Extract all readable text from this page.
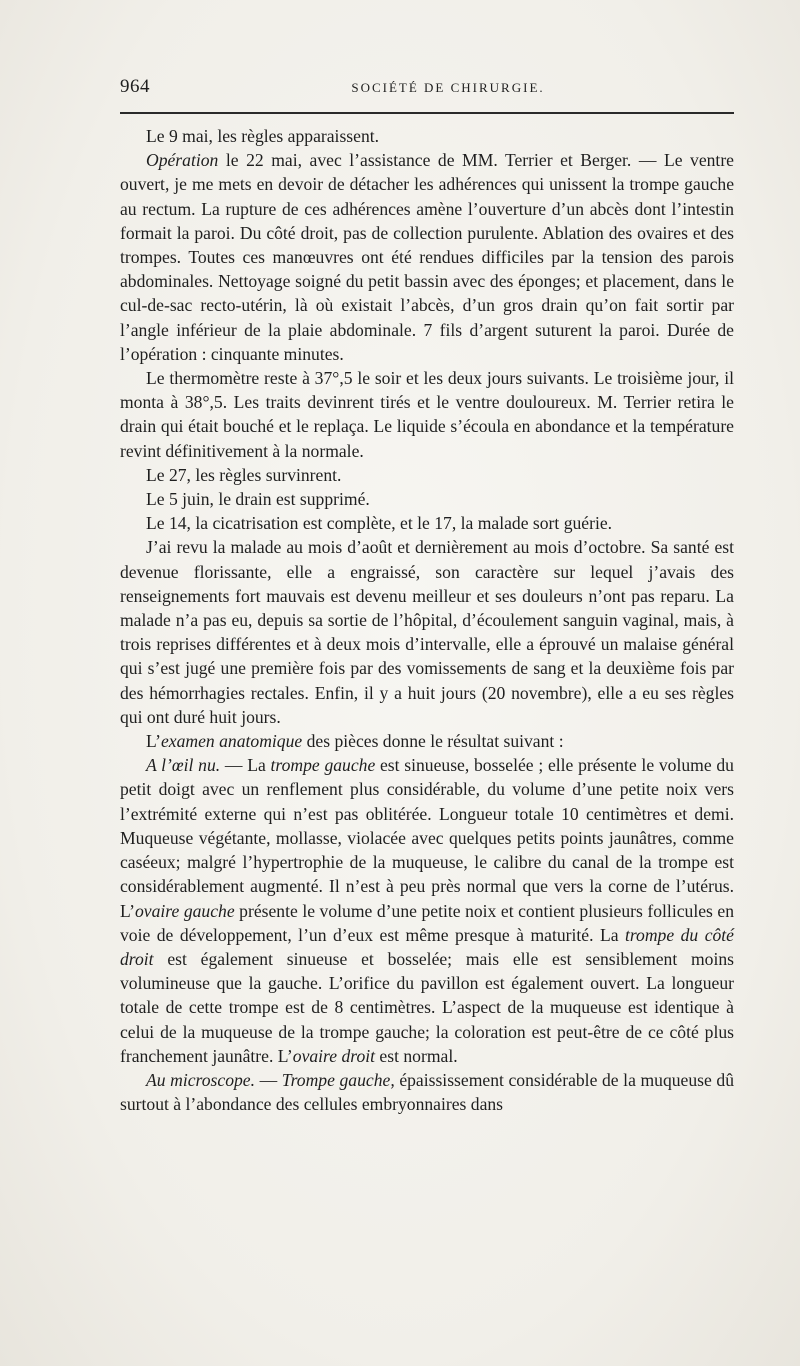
964	SOCIÉTÉ DE CHIRURGIE.

Le 9 mai, les règles apparaissent.

Opération le 22 mai, avec l’assistance de MM. Terrier et Berger. — Le ventre ouvert, je me mets en devoir de détacher les adhérences qui unissent la trompe gauche au rectum. La rupture de ces adhérences amène l’ouverture d’un abcès dont l’intestin formait la paroi. Du côté droit, pas de collection purulente. Ablation des ovaires et des trompes. Toutes ces manœuvres ont été rendues difficiles par la tension des parois abdominales. Nettoyage soigné du petit bassin avec des éponges; et placement, dans le cul-de-sac recto-utérin, là où existait l’abcès, d’un gros drain qu’on fait sortir par l’angle inférieur de la plaie abdominale. 7 fils d’argent suturent la paroi. Durée de l’opération : cinquante minutes.

Le thermomètre reste à 37°,5 le soir et les deux jours suivants. Le troisième jour, il monta à 38°,5. Les traits devinrent tirés et le ventre douloureux. M. Terrier retira le drain qui était bouché et le replaça. Le liquide s’écoula en abondance et la température revint définitivement à la normale.

Le 27, les règles survinrent.

Le 5 juin, le drain est supprimé.

Le 14, la cicatrisation est complète, et le 17, la malade sort guérie.

J’ai revu la malade au mois d’août et dernièrement au mois d’octobre. Sa santé est devenue florissante, elle a engraissé, son caractère sur lequel j’avais des renseignements fort mauvais est devenu meilleur et ses douleurs n’ont pas reparu. La malade n’a pas eu, depuis sa sortie de l’hôpital, d’écoulement sanguin vaginal, mais, à trois reprises différentes et à deux mois d’intervalle, elle a éprouvé un malaise général qui s’est jugé une première fois par des vomissements de sang et la deuxième fois par des hémorrhagies rectales. Enfin, il y a huit jours (20 novembre), elle a eu ses règles qui ont duré huit jours.

L’examen anatomique des pièces donne le résultat suivant :

A l’œil nu. — La trompe gauche est sinueuse, bosselée ; elle présente le volume du petit doigt avec un renflement plus considérable, du volume d’une petite noix vers l’extrémité externe qui n’est pas oblitérée. Longueur totale 10 centimètres et demi. Muqueuse végétante, mollasse, violacée avec quelques petits points jaunâtres, comme caséeux; malgré l’hypertrophie de la muqueuse, le calibre du canal de la trompe est considérablement augmenté. Il n’est à peu près normal que vers la corne de l’utérus. L’ovaire gauche présente le volume d’une petite noix et contient plusieurs follicules en voie de développement, l’un d’eux est même presque à maturité. La trompe du côté droit est également sinueuse et bosselée; mais elle est sensiblement moins volumineuse que la gauche. L’orifice du pavillon est également ouvert. La longueur totale de cette trompe est de 8 centimètres. L’aspect de la muqueuse est identique à celui de la muqueuse de la trompe gauche; la coloration est peut-être de ce côté plus franchement jaunâtre. L’ovaire droit est normal.

Au microscope. — Trompe gauche, épaississement considérable de la muqueuse dû surtout à l’abondance des cellules embryonnaires dans
